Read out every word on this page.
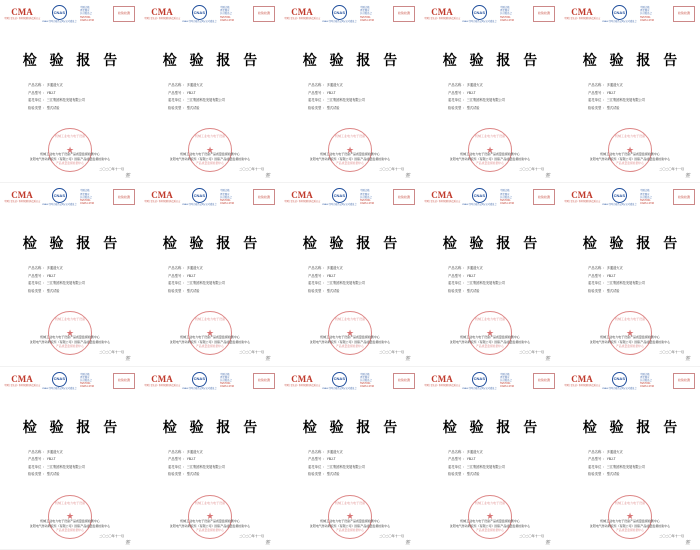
CMA
中国计量认证 / 检验检测机构资质认定
CNAS
CNAS 中国合格评定国家认可委员会
中国合格
评定国家
认可委员会
TESTING
CNAS L3746
检验检测
检 验 报 告
产品名称 ： 多通道火灾
产品型号 ： YBJ-T
委托单位 ： 三江集团科技发展有限公司
检验类型 ： 型式试验
机械工业电力电子设备
★
产品质量监督检测中心
机械工业电力电子设备产品质量监督检测中心
沈阳电气传动研究所（有限公司）国家产品质量监督检验中心
二〇二〇年十一月
签
CMA
中国计量认证 / 检验检测机构资质认定
CNAS
CNAS 中国合格评定国家认可委员会
中国合格
评定国家
认可委员会
TESTING
CNAS L3746
检验检测
检 验 报 告
产品名称 ： 多通道火灾
产品型号 ： YBJ-T
委托单位 ： 三江集团科技发展有限公司
检验类型 ： 型式试验
机械工业电力电子设备
★
产品质量监督检测中心
机械工业电力电子设备产品质量监督检测中心
沈阳电气传动研究所（有限公司）国家产品质量监督检验中心
二〇二〇年十一月
签
CMA
中国计量认证 / 检验检测机构资质认定
CNAS
CNAS 中国合格评定国家认可委员会
中国合格
评定国家
认可委员会
TESTING
CNAS L3746
检验检测
检 验 报 告
产品名称 ： 多通道火灾
产品型号 ： YBJ-T
委托单位 ： 三江集团科技发展有限公司
检验类型 ： 型式试验
机械工业电力电子设备
★
产品质量监督检测中心
机械工业电力电子设备产品质量监督检测中心
沈阳电气传动研究所（有限公司）国家产品质量监督检验中心
二〇二〇年十一月
签
CMA
中国计量认证 / 检验检测机构资质认定
CNAS
CNAS 中国合格评定国家认可委员会
中国合格
评定国家
认可委员会
TESTING
CNAS L3746
检验检测
检 验 报 告
产品名称 ： 多通道火灾
产品型号 ： YBJ-T
委托单位 ： 三江集团科技发展有限公司
检验类型 ： 型式试验
机械工业电力电子设备
★
产品质量监督检测中心
机械工业电力电子设备产品质量监督检测中心
沈阳电气传动研究所（有限公司）国家产品质量监督检验中心
二〇二〇年十一月
签
CMA
中国计量认证 / 检验检测机构资质认定
CNAS
CNAS 中国合格评定国家认可委员会
中国合格
评定国家
认可委员会
TESTING
CNAS L3746
检验检测
检 验 报 告
产品名称 ： 多通道火灾
产品型号 ： YBJ-T
委托单位 ： 三江集团科技发展有限公司
检验类型 ： 型式试验
机械工业电力电子设备
★
产品质量监督检测中心
机械工业电力电子设备产品质量监督检测中心
沈阳电气传动研究所（有限公司）国家产品质量监督检验中心
二〇二〇年十一月
签
CMA
中国计量认证 / 检验检测机构资质认定
CNAS
CNAS 中国合格评定国家认可委员会
中国合格
评定国家
认可委员会
TESTING
CNAS L3746
检验检测
检 验 报 告
产品名称 ： 多通道火灾
产品型号 ： YBJ-T
委托单位 ： 三江集团科技发展有限公司
检验类型 ： 型式试验
机械工业电力电子设备
★
产品质量监督检测中心
机械工业电力电子设备产品质量监督检测中心
沈阳电气传动研究所（有限公司）国家产品质量监督检验中心
二〇二〇年十一月
签
CMA
中国计量认证 / 检验检测机构资质认定
CNAS
CNAS 中国合格评定国家认可委员会
中国合格
评定国家
认可委员会
TESTING
CNAS L3746
检验检测
检 验 报 告
产品名称 ： 多通道火灾
产品型号 ： YBJ-T
委托单位 ： 三江集团科技发展有限公司
检验类型 ： 型式试验
机械工业电力电子设备
★
产品质量监督检测中心
机械工业电力电子设备产品质量监督检测中心
沈阳电气传动研究所（有限公司）国家产品质量监督检验中心
二〇二〇年十一月
签
CMA
中国计量认证 / 检验检测机构资质认定
CNAS
CNAS 中国合格评定国家认可委员会
中国合格
评定国家
认可委员会
TESTING
CNAS L3746
检验检测
检 验 报 告
产品名称 ： 多通道火灾
产品型号 ： YBJ-T
委托单位 ： 三江集团科技发展有限公司
检验类型 ： 型式试验
机械工业电力电子设备
★
产品质量监督检测中心
机械工业电力电子设备产品质量监督检测中心
沈阳电气传动研究所（有限公司）国家产品质量监督检验中心
二〇二〇年十一月
签
CMA
中国计量认证 / 检验检测机构资质认定
CNAS
CNAS 中国合格评定国家认可委员会
中国合格
评定国家
认可委员会
TESTING
CNAS L3746
检验检测
检 验 报 告
产品名称 ： 多通道火灾
产品型号 ： YBJ-T
委托单位 ： 三江集团科技发展有限公司
检验类型 ： 型式试验
机械工业电力电子设备
★
产品质量监督检测中心
机械工业电力电子设备产品质量监督检测中心
沈阳电气传动研究所（有限公司）国家产品质量监督检验中心
二〇二〇年十一月
签
CMA
中国计量认证 / 检验检测机构资质认定
CNAS
CNAS 中国合格评定国家认可委员会
中国合格
评定国家
认可委员会
TESTING
CNAS L3746
检验检测
检 验 报 告
产品名称 ： 多通道火灾
产品型号 ： YBJ-T
委托单位 ： 三江集团科技发展有限公司
检验类型 ： 型式试验
机械工业电力电子设备
★
产品质量监督检测中心
机械工业电力电子设备产品质量监督检测中心
沈阳电气传动研究所（有限公司）国家产品质量监督检验中心
二〇二〇年十一月
签
CMA
中国计量认证 / 检验检测机构资质认定
CNAS
CNAS 中国合格评定国家认可委员会
中国合格
评定国家
认可委员会
TESTING
CNAS L3746
检验检测
检 验 报 告
产品名称 ： 多通道火灾
产品型号 ： YBJ-T
委托单位 ： 三江集团科技发展有限公司
检验类型 ： 型式试验
机械工业电力电子设备
★
产品质量监督检测中心
机械工业电力电子设备产品质量监督检测中心
沈阳电气传动研究所（有限公司）国家产品质量监督检验中心
二〇二〇年十一月
签
CMA
中国计量认证 / 检验检测机构资质认定
CNAS
CNAS 中国合格评定国家认可委员会
中国合格
评定国家
认可委员会
TESTING
CNAS L3746
检验检测
检 验 报 告
产品名称 ： 多通道火灾
产品型号 ： YBJ-T
委托单位 ： 三江集团科技发展有限公司
检验类型 ： 型式试验
机械工业电力电子设备
★
产品质量监督检测中心
机械工业电力电子设备产品质量监督检测中心
沈阳电气传动研究所（有限公司）国家产品质量监督检验中心
二〇二〇年十一月
签
CMA
中国计量认证 / 检验检测机构资质认定
CNAS
CNAS 中国合格评定国家认可委员会
中国合格
评定国家
认可委员会
TESTING
CNAS L3746
检验检测
检 验 报 告
产品名称 ： 多通道火灾
产品型号 ： YBJ-T
委托单位 ： 三江集团科技发展有限公司
检验类型 ： 型式试验
机械工业电力电子设备
★
产品质量监督检测中心
机械工业电力电子设备产品质量监督检测中心
沈阳电气传动研究所（有限公司）国家产品质量监督检验中心
二〇二〇年十一月
签
CMA
中国计量认证 / 检验检测机构资质认定
CNAS
CNAS 中国合格评定国家认可委员会
中国合格
评定国家
认可委员会
TESTING
CNAS L3746
检验检测
检 验 报 告
产品名称 ： 多通道火灾
产品型号 ： YBJ-T
委托单位 ： 三江集团科技发展有限公司
检验类型 ： 型式试验
机械工业电力电子设备
★
产品质量监督检测中心
机械工业电力电子设备产品质量监督检测中心
沈阳电气传动研究所（有限公司）国家产品质量监督检验中心
二〇二〇年十一月
签
CMA
中国计量认证 / 检验检测机构资质认定
CNAS
CNAS 中国合格评定国家认可委员会
中国合格
评定国家
认可委员会
TESTING
CNAS L3746
检验检测
检 验 报 告
产品名称 ： 多通道火灾
产品型号 ： YBJ-T
委托单位 ： 三江集团科技发展有限公司
检验类型 ： 型式试验
机械工业电力电子设备
★
产品质量监督检测中心
机械工业电力电子设备产品质量监督检测中心
沈阳电气传动研究所（有限公司）国家产品质量监督检验中心
二〇二〇年十一月
签
